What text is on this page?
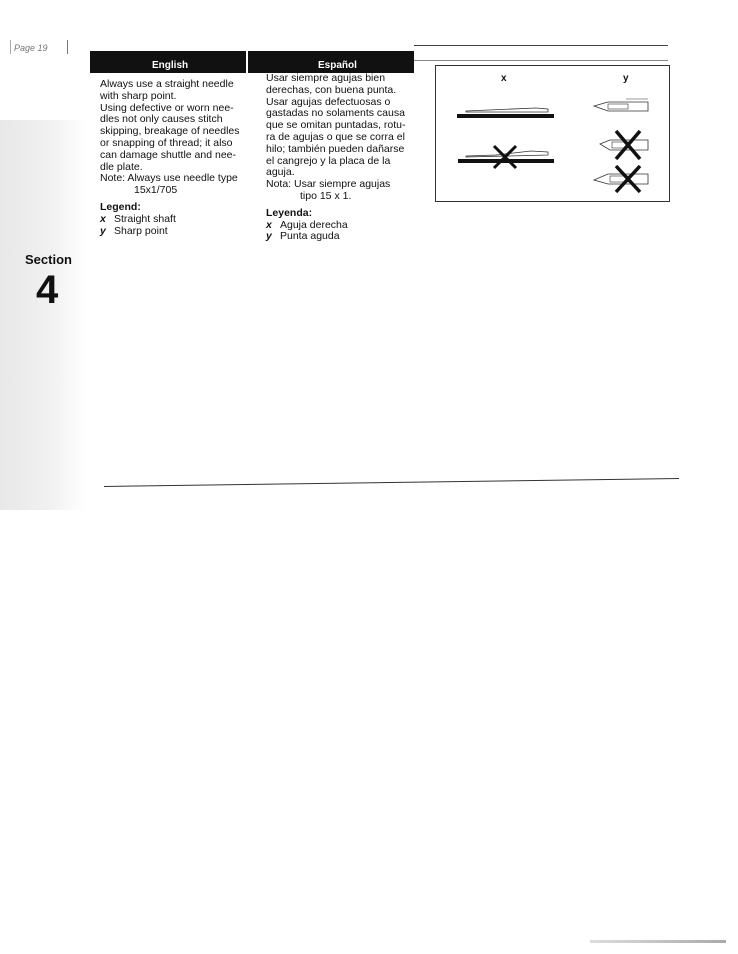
Page 19
Section
4
English	Español

Always use a straight needle

with sharp point.

Using defective or worn nee-

dles not only causes stitch

skipping, breakage of needles

or snapping of thread; it also

can damage shuttle and nee-

dle plate.

Note: Always use needle type

15x1/705

Legend:

x Straight shaft

y Sharp point

Usar siempre agujas bien

derechas, con buena punta.

Usar agujas defectuosas o

gastadas no solaments causa

que se omitan puntadas, rotu-

ra de agujas o que se corra el

hilo; también pueden dañarse

el cangrejo y la placa de la

aguja.

Nota: Usar siempre agujas

tipo 15 x 1.

Leyenda:

x Aguja derecha

y Punta aguda

x	y
